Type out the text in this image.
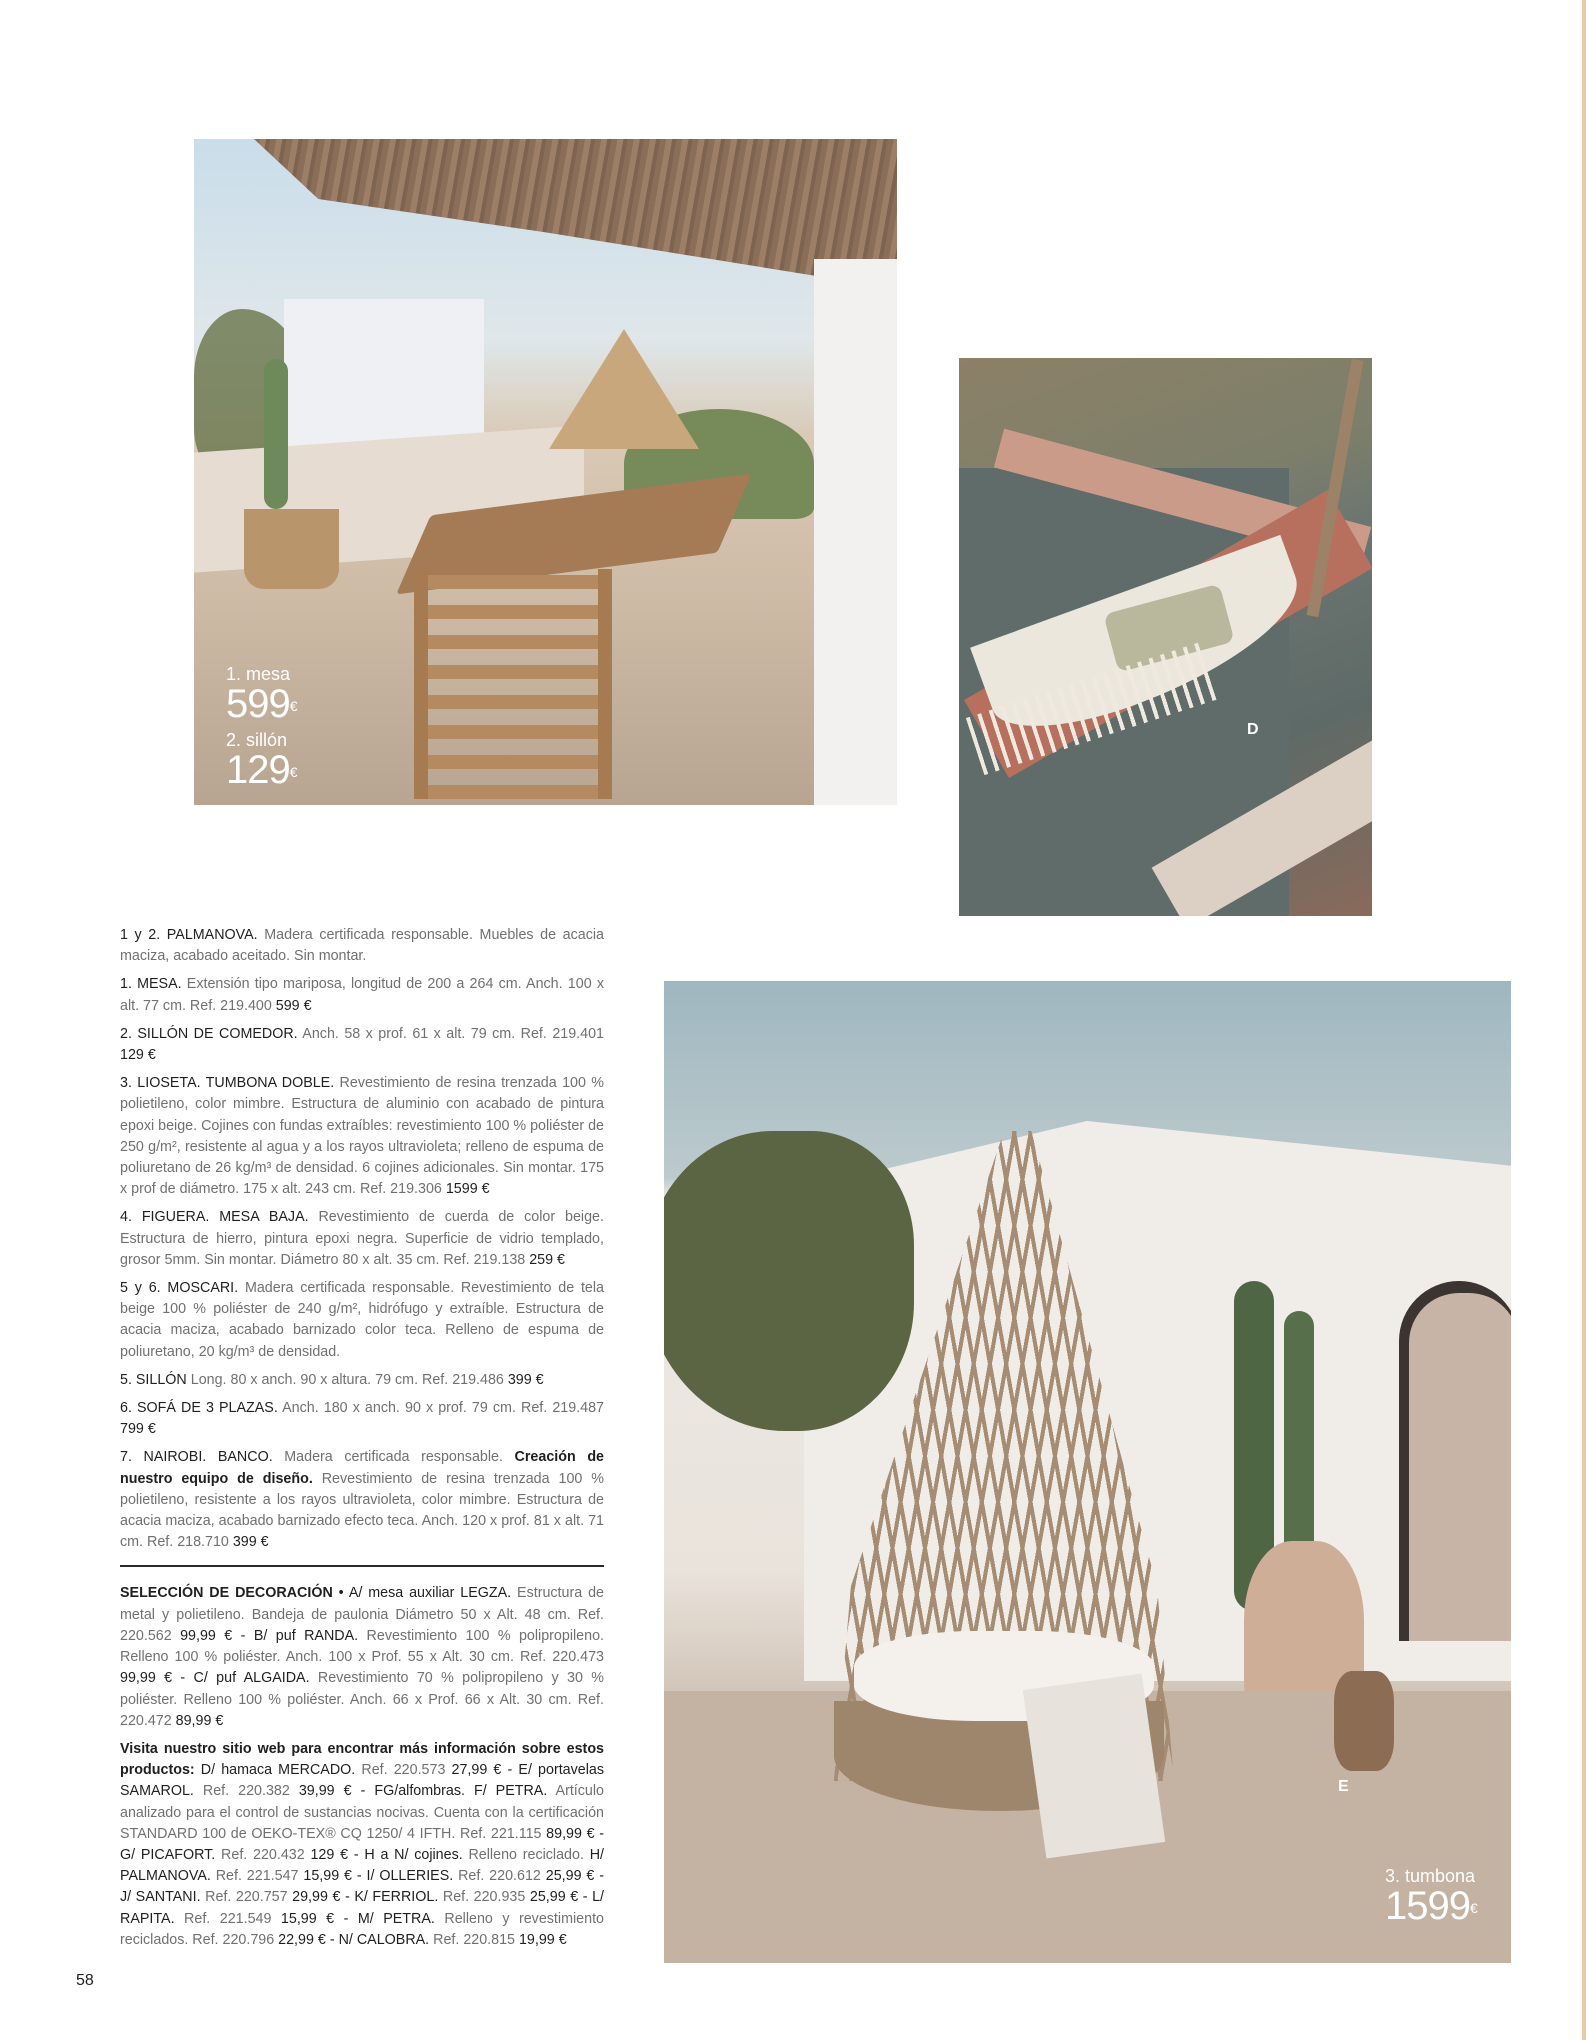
1. mesa
599€
2. sillón
129€
D
E
3. tumbona
1599€

1 y 2. PALMANOVA. Madera certificada responsable. Muebles de acacia maciza, acabado aceitado. Sin montar.

1. MESA. Extensión tipo mariposa, longitud de 200 a 264 cm. Anch. 100 x alt. 77 cm. Ref. 219.400 599 €

2. SILLÓN DE COMEDOR. Anch. 58 x prof. 61 x alt. 79 cm. Ref. 219.401 129 €

3. LIOSETA. TUMBONA DOBLE. Revestimiento de resina trenzada 100 % polietileno, color mimbre. Estructura de aluminio con acabado de pintura epoxi beige. Cojines con fundas extraíbles: revestimiento 100 % poliéster de 250 g/m², resistente al agua y a los rayos ultravioleta; relleno de espuma de poliuretano de 26 kg/m³ de densidad. 6 cojines adicionales. Sin montar. 175 x prof de diámetro. 175 x alt. 243 cm. Ref. 219.306 1599 €

4. FIGUERA. MESA BAJA. Revestimiento de cuerda de color beige. Estructura de hierro, pintura epoxi negra. Superficie de vidrio templado, grosor 5mm. Sin montar. Diámetro 80 x alt. 35 cm. Ref. 219.138 259 €

5 y 6. MOSCARI. Madera certificada responsable. Revestimiento de tela beige 100 % poliéster de 240 g/m², hidrófugo y extraíble. Estructura de acacia maciza, acabado barnizado color teca. Relleno de espuma de poliuretano, 20 kg/m³ de densidad.

5. SILLÓN Long. 80 x anch. 90 x altura. 79 cm. Ref. 219.486 399 €

6. SOFÁ DE 3 PLAZAS. Anch. 180 x anch. 90 x prof. 79 cm. Ref. 219.487 799 €

7. NAIROBI. BANCO. Madera certificada responsable. Creación de nuestro equipo de diseño. Revestimiento de resina trenzada 100 % polietileno, resistente a los rayos ultravioleta, color mimbre. Estructura de acacia maciza, acabado barnizado efecto teca. Anch. 120 x prof. 81 x alt. 71 cm. Ref. 218.710 399 €

SELECCIÓN DE DECORACIÓN • A/ mesa auxiliar LEGZA. Estructura de metal y polietileno. Bandeja de paulonia Diámetro 50 x Alt. 48 cm. Ref. 220.562 99,99 € - B/ puf RANDA. Revestimiento 100 % polipropileno. Relleno 100 % poliéster. Anch. 100 x Prof. 55 x Alt. 30 cm. Ref. 220.473 99,99 € - C/ puf ALGAIDA. Revestimiento 70 % polipropileno y 30 % poliéster. Relleno 100 % poliéster. Anch. 66 x Prof. 66 x Alt. 30 cm. Ref. 220.472 89,99 €

Visita nuestro sitio web para encontrar más información sobre estos productos: D/ hamaca MERCADO. Ref. 220.573 27,99 € - E/ portavelas SAMAROL. Ref. 220.382 39,99 € - FG/alfombras. F/ PETRA. Artículo analizado para el control de sustancias nocivas. Cuenta con la certificación STANDARD 100 de OEKO-TEX® CQ 1250/ 4 IFTH. Ref. 221.115 89,99 € - G/ PICAFORT. Ref. 220.432 129 € - H a N/ cojines. Relleno reciclado. H/ PALMANOVA. Ref. 221.547 15,99 € - I/ OLLERIES. Ref. 220.612 25,99 € - J/ SANTANI. Ref. 220.757 29,99 € - K/ FERRIOL. Ref. 220.935 25,99 € - L/ RAPITA. Ref. 221.549 15,99 € - M/ PETRA. Relleno y revestimiento reciclados. Ref. 220.796 22,99 € - N/ CALOBRA. Ref. 220.815 19,99 €

58
